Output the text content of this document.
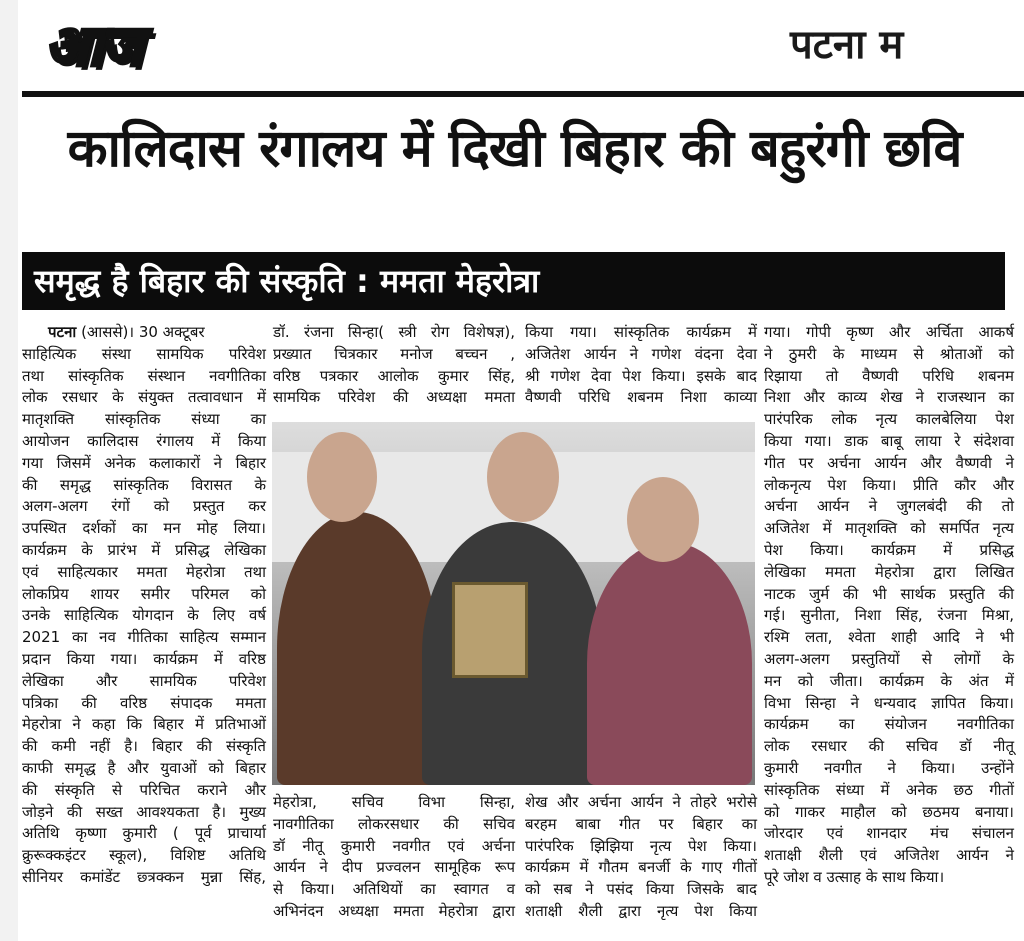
आज	पटना म
कालिदास रंगालय में दिखी बिहार की बहुरंगी छवि
समृद्ध है बिहार की संस्कृति : ममता मेहरोत्रा
पटना (आससे)। 30 अक्टूबर
साहित्यिक संस्था सामयिक परिवेश
तथा सांस्कृतिक संस्थान नवगीतिका
लोक रसधार के संयुक्त तत्वावधान में
मातृशक्ति सांस्कृतिक संध्या का
आयोजन कालिदास रंगालय में किया
गया जिसमें अनेक कलाकारों ने बिहार
की समृद्ध सांस्कृतिक विरासत के
अलग-अलग रंगों को प्रस्तुत कर
उपस्थित दर्शकों का मन मोह लिया।
कार्यक्रम के प्रारंभ में प्रसिद्ध लेखिका
एवं साहित्यकार ममता मेहरोत्रा तथा
लोकप्रिय शायर समीर परिमल को
उनके साहित्यिक योगदान के लिए वर्ष
2021 का नव गीतिका साहित्य सम्मान
प्रदान किया गया। कार्यक्रम में वरिष्ठ
लेखिका और सामयिक परिवेश
पत्रिका की वरिष्ठ संपादक ममता
मेहरोत्रा ने कहा कि बिहार में प्रतिभाओं
की कमी नहीं है। बिहार की संस्कृति
काफी समृद्ध है और युवाओं को बिहार
की संस्कृति से परिचित कराने और
जोड़ने की सख्त आवश्यकता है। मुख्य
अतिथि कृष्णा कुमारी ( पूर्व प्राचार्या
क्रुरूक्कइंटर स्कूल), विशिष्ट अतिथि
सीनियर कमांडेंट छ्त्रक्कन मुन्ना सिंह,
डॉ. रंजना सिन्हा( स्त्री रोग विशेषज्ञ),
प्रख्यात चित्रकार मनोज बच्चन ,
वरिष्ठ पत्रकार आलोक कुमार सिंह,
सामयिक परिवेश की अध्यक्षा ममता
किया गया। सांस्कृतिक कार्यक्रम में
अजितेश आर्यन ने गणेश वंदना देवा
श्री गणेश देवा पेश किया। इसके बाद
वैष्णवी परिधि शबनम निशा काव्या
मेहरोत्रा, सचिव विभा सिन्हा,
नावगीतिका लोकरसधार की सचिव
डॉ नीतू कुमारी नवगीत एवं अर्चना
आर्यन ने दीप प्रज्वलन सामूहिक रूप
से किया। अतिथियों का स्वागत व
अभिनंदन अध्यक्षा ममता मेहरोत्रा द्वारा
शेख और अर्चना आर्यन ने तोहरे भरोसे
बरहम बाबा गीत पर बिहार का
पारंपरिक झिझिया नृत्य पेश किया।
कार्यक्रम में गौतम बनर्जी के गाए गीतों
को सब ने पसंद किया जिसके बाद
शताक्षी शैली द्वारा नृत्य पेश किया
गया। गोपी कृष्ण और अर्चिता आकर्ष
ने ठुमरी के माध्यम से श्रोताओं को
रिझाया तो वैष्णवी परिधि शबनम
निशा और काव्य शेख ने राजस्थान का
पारंपरिक लोक नृत्य कालबेलिया पेश
किया गया। डाक बाबू लाया रे संदेशवा
गीत पर अर्चना आर्यन और वैष्णवी ने
लोकनृत्य पेश किया। प्रीति कौर और
अर्चना आर्यन ने जुगलबंदी की तो
अजितेश में मातृशक्ति को समर्पित नृत्य
पेश किया। कार्यक्रम में प्रसिद्ध
लेखिका ममता मेहरोत्रा द्वारा लिखित
नाटक जुर्म की भी सार्थक प्रस्तुति की
गई। सुनीता, निशा सिंह, रंजना मिश्रा,
रश्मि लता, श्वेता शाही आदि ने भी
अलग-अलग प्रस्तुतियों से लोगों के
मन को जीता। कार्यक्रम के अंत में
विभा सिन्हा ने धन्यवाद ज्ञापित किया।
कार्यक्रम का संयोजन नवगीतिका
लोक रसधार की सचिव डॉ नीतू
कुमारी नवगीत ने किया। उन्होंने
सांस्कृतिक संध्या में अनेक छठ गीतों
को गाकर माहौल को छठमय बनाया।
जोरदार एवं शानदार मंच संचालन
शताक्षी शैली एवं अजितेश आर्यन ने
पूरे जोश व उत्साह के साथ किया।
